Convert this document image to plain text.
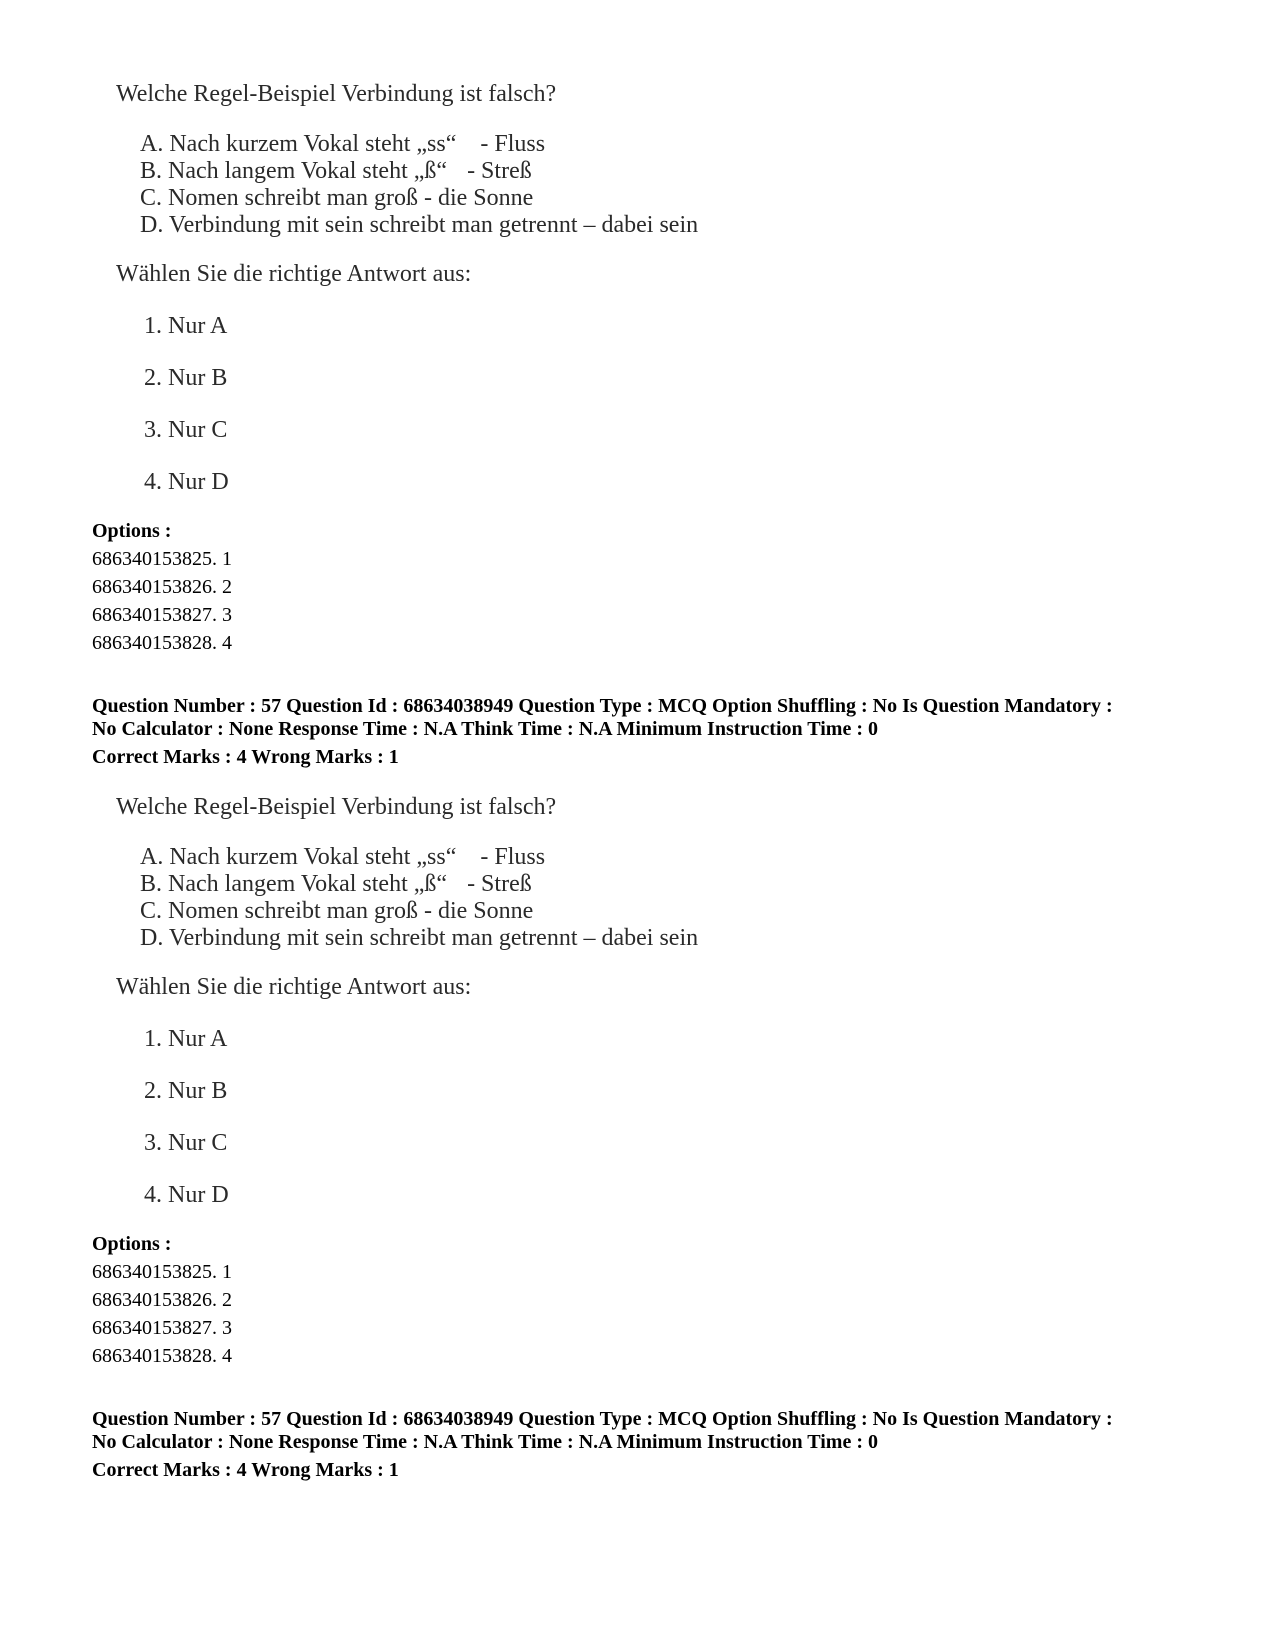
Welche Regel-Beispiel Verbindung ist falsch?
A. Nach kurzem Vokal steht „ss“ - Fluss
B. Nach langem Vokal steht „ß“ - Streß
C. Nomen schreibt man groß - die Sonne
D. Verbindung mit sein schreibt man getrennt – dabei sein
Wählen Sie die richtige Antwort aus:
1. Nur A
2. Nur B
3. Nur C
4. Nur D
Options :
686340153825. 1
686340153826. 2
686340153827. 3
686340153828. 4
Question Number : 57 Question Id : 68634038949 Question Type : MCQ Option Shuffling : No Is Question Mandatory :
No Calculator : None Response Time : N.A Think Time : N.A Minimum Instruction Time : 0
Correct Marks : 4 Wrong Marks : 1
Welche Regel-Beispiel Verbindung ist falsch?
A. Nach kurzem Vokal steht „ss“ - Fluss
B. Nach langem Vokal steht „ß“ - Streß
C. Nomen schreibt man groß - die Sonne
D. Verbindung mit sein schreibt man getrennt – dabei sein
Wählen Sie die richtige Antwort aus:
1. Nur A
2. Nur B
3. Nur C
4. Nur D
Options :
686340153825. 1
686340153826. 2
686340153827. 3
686340153828. 4
Question Number : 57 Question Id : 68634038949 Question Type : MCQ Option Shuffling : No Is Question Mandatory :
No Calculator : None Response Time : N.A Think Time : N.A Minimum Instruction Time : 0
Correct Marks : 4 Wrong Marks : 1
